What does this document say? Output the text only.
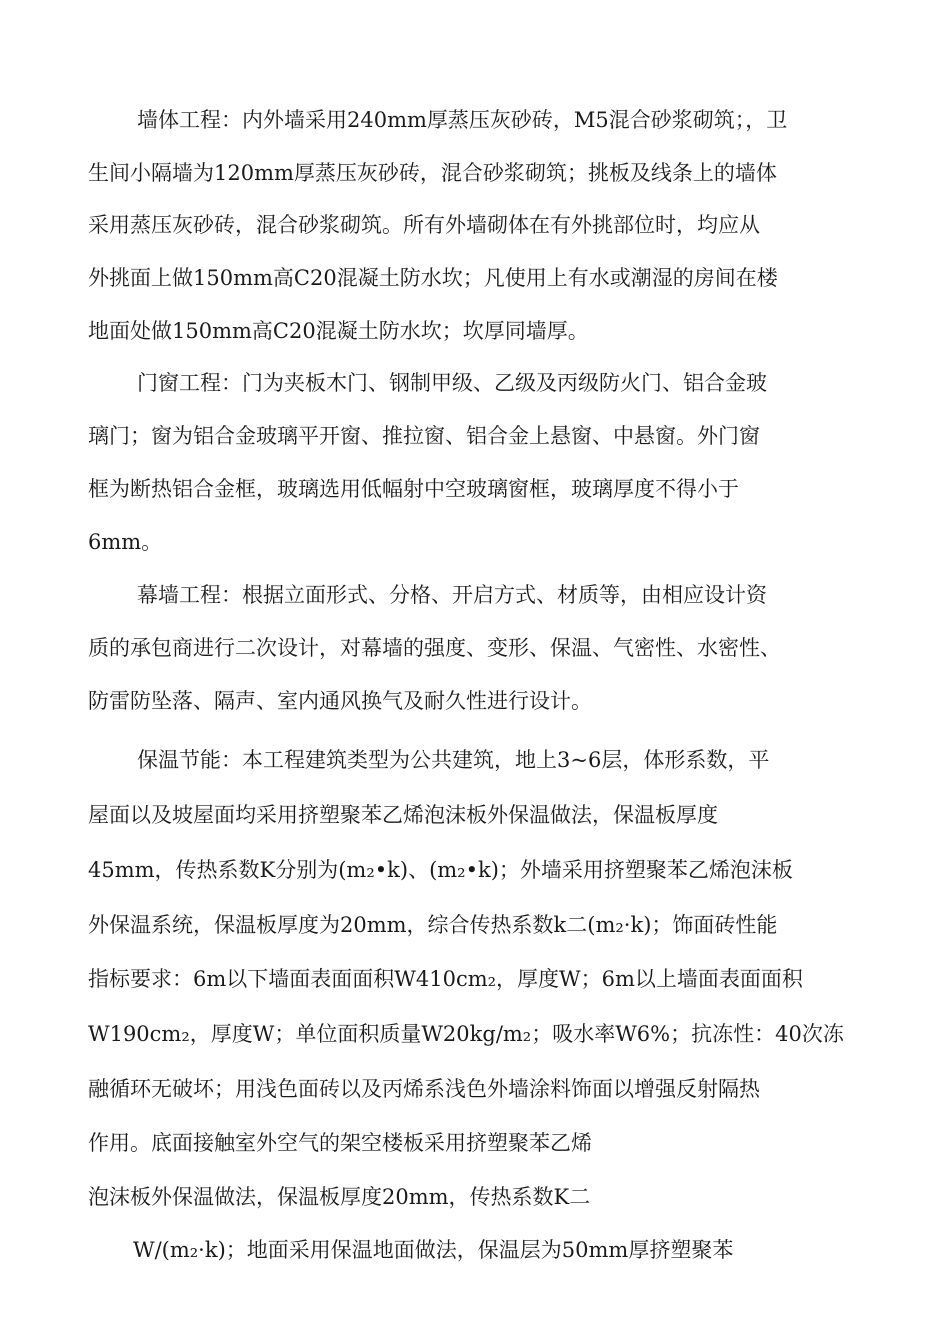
墙体工程：内外墙采用240mm厚蒸压灰砂砖，M5混合砂浆砌筑；，卫
生间小隔墙为120mm厚蒸压灰砂砖，混合砂浆砌筑；挑板及线条上的墙体
采用蒸压灰砂砖，混合砂浆砌筑。所有外墙砌体在有外挑部位时，均应从
外挑面上做150mm高C20混凝土防水坎；凡使用上有水或潮湿的房间在楼
地面处做150mm高C20混凝土防水坎；坎厚同墙厚。
门窗工程：门为夹板木门、钢制甲级、乙级及丙级防火门、铝合金玻
璃门；窗为铝合金玻璃平开窗、推拉窗、铝合金上悬窗、中悬窗。外门窗
框为断热铝合金框，玻璃选用低幅射中空玻璃窗框，玻璃厚度不得小于
6mm。
幕墙工程：根据立面形式、分格、开启方式、材质等，由相应设计资
质的承包商进行二次设计，对幕墙的强度、变形、保温、气密性、水密性、
防雷防坠落、隔声、室内通风换气及耐久性进行设计。
保温节能：本工程建筑类型为公共建筑，地上3~6层，体形系数，平
屋面以及坡屋面均采用挤塑聚苯乙烯泡沫板外保温做法，保温板厚度
45mm，传热系数K分别为(m₂•k)、(m₂•k)；外墙采用挤塑聚苯乙烯泡沫板
外保温系统，保温板厚度为20mm，综合传热系数k二(m₂·k)；饰面砖性能
指标要求：6m以下墙面表面面积W410cm₂，厚度W；6m以上墙面表面面积
W190cm₂，厚度W；单位面积质量W20kg/m₂；吸水率W6%；抗冻性：40次冻
融循环无破坏；用浅色面砖以及丙烯系浅色外墙涂料饰面以增强反射隔热
作用。底面接触室外空气的架空楼板采用挤塑聚苯乙烯
泡沫板外保温做法，保温板厚度20mm，传热系数K二
W/(m₂·k)；地面采用保温地面做法，保温层为50mm厚挤塑聚苯
